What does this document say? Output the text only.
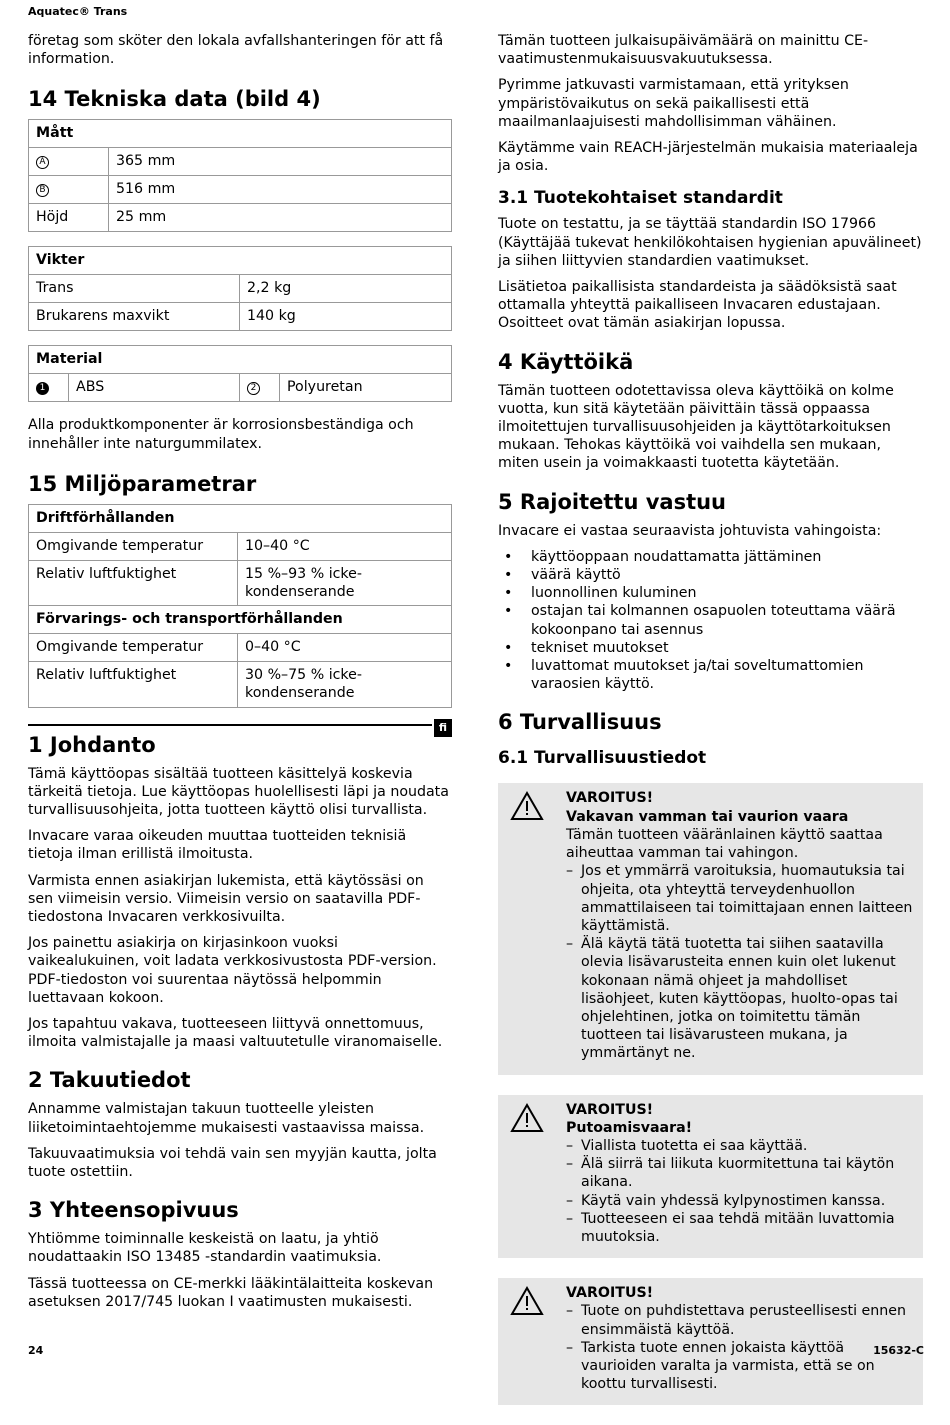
Aquatec® Trans

företag som sköter den lokala avfallshanteringen för att få information.

14 Tekniska data (bild 4)
Mått	
A	365 mm
B	516 mm
Höjd	25 mm
Vikter	
Trans	2,2 kg
Brukarens maxvikt	140 kg
Material
1	ABS	2	Polyuretan

Alla produktkomponenter är korrosionsbeständiga och innehåller inte naturgummilatex.

15 Miljöparametrar
Driftförhållanden	
Omgivande temperatur	10–40 °C
Relativ luftfuktighet	15 %–93 % icke-kondenserande
Förvarings- och transportförhållanden	
Omgivande temperatur	0–40 °C
Relativ luftfuktighet	30 %–75 % icke-kondenserande
fi
1 Johdanto

Tämä käyttöopas sisältää tuotteen käsittelyä koskevia tärkeitä tietoja. Lue käyttöopas huolellisesti läpi ja noudata turvallisuusohjeita, jotta tuotteen käyttö olisi turvallista.

Invacare varaa oikeuden muuttaa tuotteiden teknisiä tietoja ilman erillistä ilmoitusta.

Varmista ennen asiakirjan lukemista, että käytössäsi on sen viimeisin versio. Viimeisin versio on saatavilla PDF-tiedostona Invacaren verkkosivuilta.

Jos painettu asiakirja on kirjasinkoon vuoksi vaikealukuinen, voit ladata verkkosivustosta PDF-version. PDF-tiedoston voi suurentaa näytössä helpommin luettavaan kokoon.

Jos tapahtuu vakava, tuotteeseen liittyvä onnettomuus, ilmoita valmistajalle ja maasi valtuutetulle viranomaiselle.

2 Takuutiedot

Annamme valmistajan takuun tuotteelle yleisten liiketoimintaehtojemme mukaisesti vastaavissa maissa.

Takuuvaatimuksia voi tehdä vain sen myyjän kautta, jolta tuote ostettiin.

3 Yhteensopivuus

Yhtiömme toiminnalle keskeistä on laatu, ja yhtiö noudattaakin ISO 13485 -standardin vaatimuksia.

Tässä tuotteessa on CE-merkki lääkintälaitteita koskevan asetuksen 2017/745 luokan I vaatimusten mukaisesti.

Tämän tuotteen julkaisupäivämäärä on mainittu CE-vaatimustenmukaisuusvakuutuksessa.

Pyrimme jatkuvasti varmistamaan, että yrityksen ympäristövaikutus on sekä paikallisesti että maailmanlaajuisesti mahdollisimman vähäinen.

Käytämme vain REACH-järjestelmän mukaisia materiaaleja ja osia.

3.1 Tuotekohtaiset standardit

Tuote on testattu, ja se täyttää standardin ISO 17966 (Käyttäjää tukevat henkilökohtaisen hygienian apuvälineet) ja siihen liittyvien standardien vaatimukset.

Lisätietoa paikallisista standardeista ja säädöksistä saat ottamalla yhteyttä paikalliseen Invacaren edustajaan. Osoitteet ovat tämän asiakirjan lopussa.

4 Käyttöikä

Tämän tuotteen odotettavissa oleva käyttöikä on kolme vuotta, kun sitä käytetään päivittäin tässä oppaassa ilmoitettujen turvallisuusohjeiden ja käyttötarkoituksen mukaan. Tehokas käyttöikä voi vaihdella sen mukaan, miten usein ja voimakkaasti tuotetta käytetään.

5 Rajoitettu vastuu

Invacare ei vastaa seuraavista johtuvista vahingoista:

• käyttöoppaan noudattamatta jättäminen
• väärä käyttö
• luonnollinen kuluminen
• ostajan tai kolmannen osapuolen toteuttama väärä kokoonpano tai asennus
• tekniset muutokset
• luvattomat muutokset ja/tai soveltumattomien varaosien käyttö.
6 Turvallisuus
6.1 Turvallisuustiedot
VAROITUS!
Vakavan vamman tai vaurion vaara
Tämän tuotteen vääränlainen käyttö saattaa aiheuttaa vamman tai vahingon.
– Jos et ymmärrä varoituksia, huomautuksia tai ohjeita, ota yhteyttä terveydenhuollon ammattilaiseen tai toimittajaan ennen laitteen käyttämistä.
– Älä käytä tätä tuotetta tai siihen saatavilla olevia lisävarusteita ennen kuin olet lukenut kokonaan nämä ohjeet ja mahdolliset lisäohjeet, kuten käyttöopas, huolto-opas tai ohjelehtinen, jotka on toimitettu tämän tuotteen tai lisävarusteen mukana, ja ymmärtänyt ne.
VAROITUS!
Putoamisvaara!
– Viallista tuotetta ei saa käyttää.
– Älä siirrä tai liikuta kuormitettuna tai käytön aikana.
– Käytä vain yhdessä kylpynostimen kanssa.
– Tuotteeseen ei saa tehdä mitään luvattomia muutoksia.
VAROITUS!
– Tuote on puhdistettava perusteellisesti ennen ensimmäistä käyttöä.
– Tarkista tuote ennen jokaista käyttöä vaurioiden varalta ja varmista, että se on koottu turvallisesti.
24	15632-C
